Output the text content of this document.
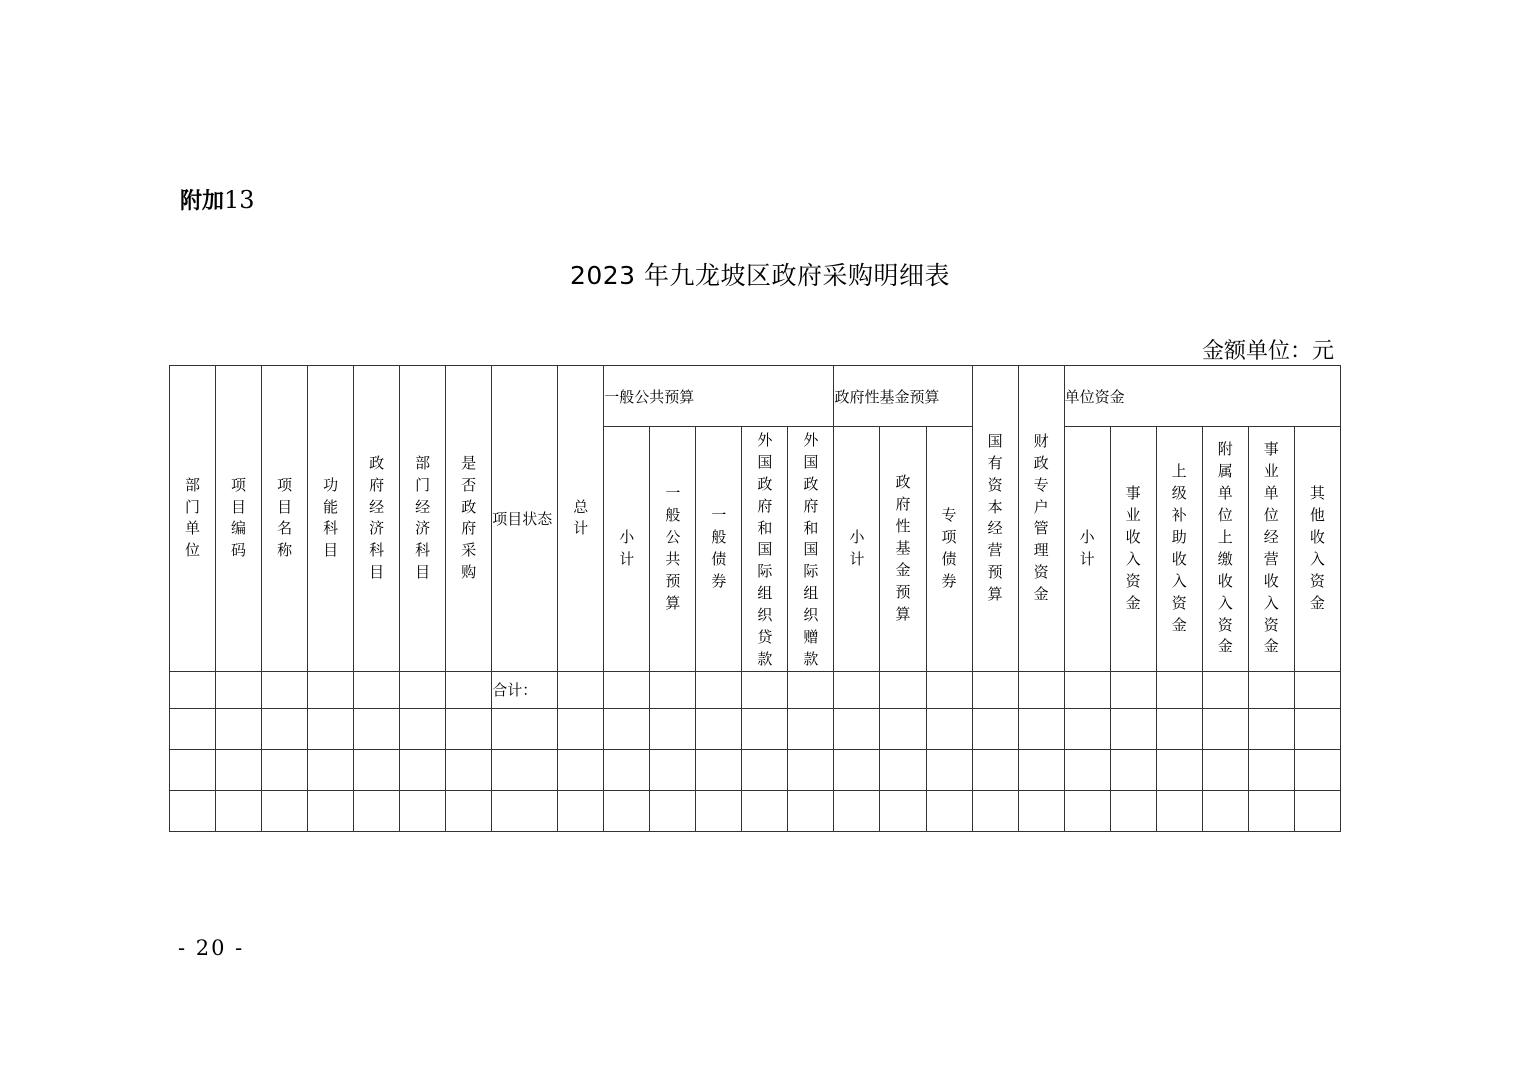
附加13
2023 年九龙坡区政府采购明细表
金额单位：元
部门单位	项目编码	项目名称	功能科目	政府经济科目	部门经济科目	是否政府采购	项目状态	总计	一般公共预算					政府性基金预算			国有资本经营预算	财政专户管理资金	单位资金					
									小计	一般公共预算	一般债券	外国政府和国际组织贷款	外国政府和国际组织赠款	小计	政府性基金预算	专项债券			小计	事业收入资金	上级补助收入资金	附属单位上缴收入资金	事业单位经营收入资金	其他收入资金
							合计：																	

- 20 -
